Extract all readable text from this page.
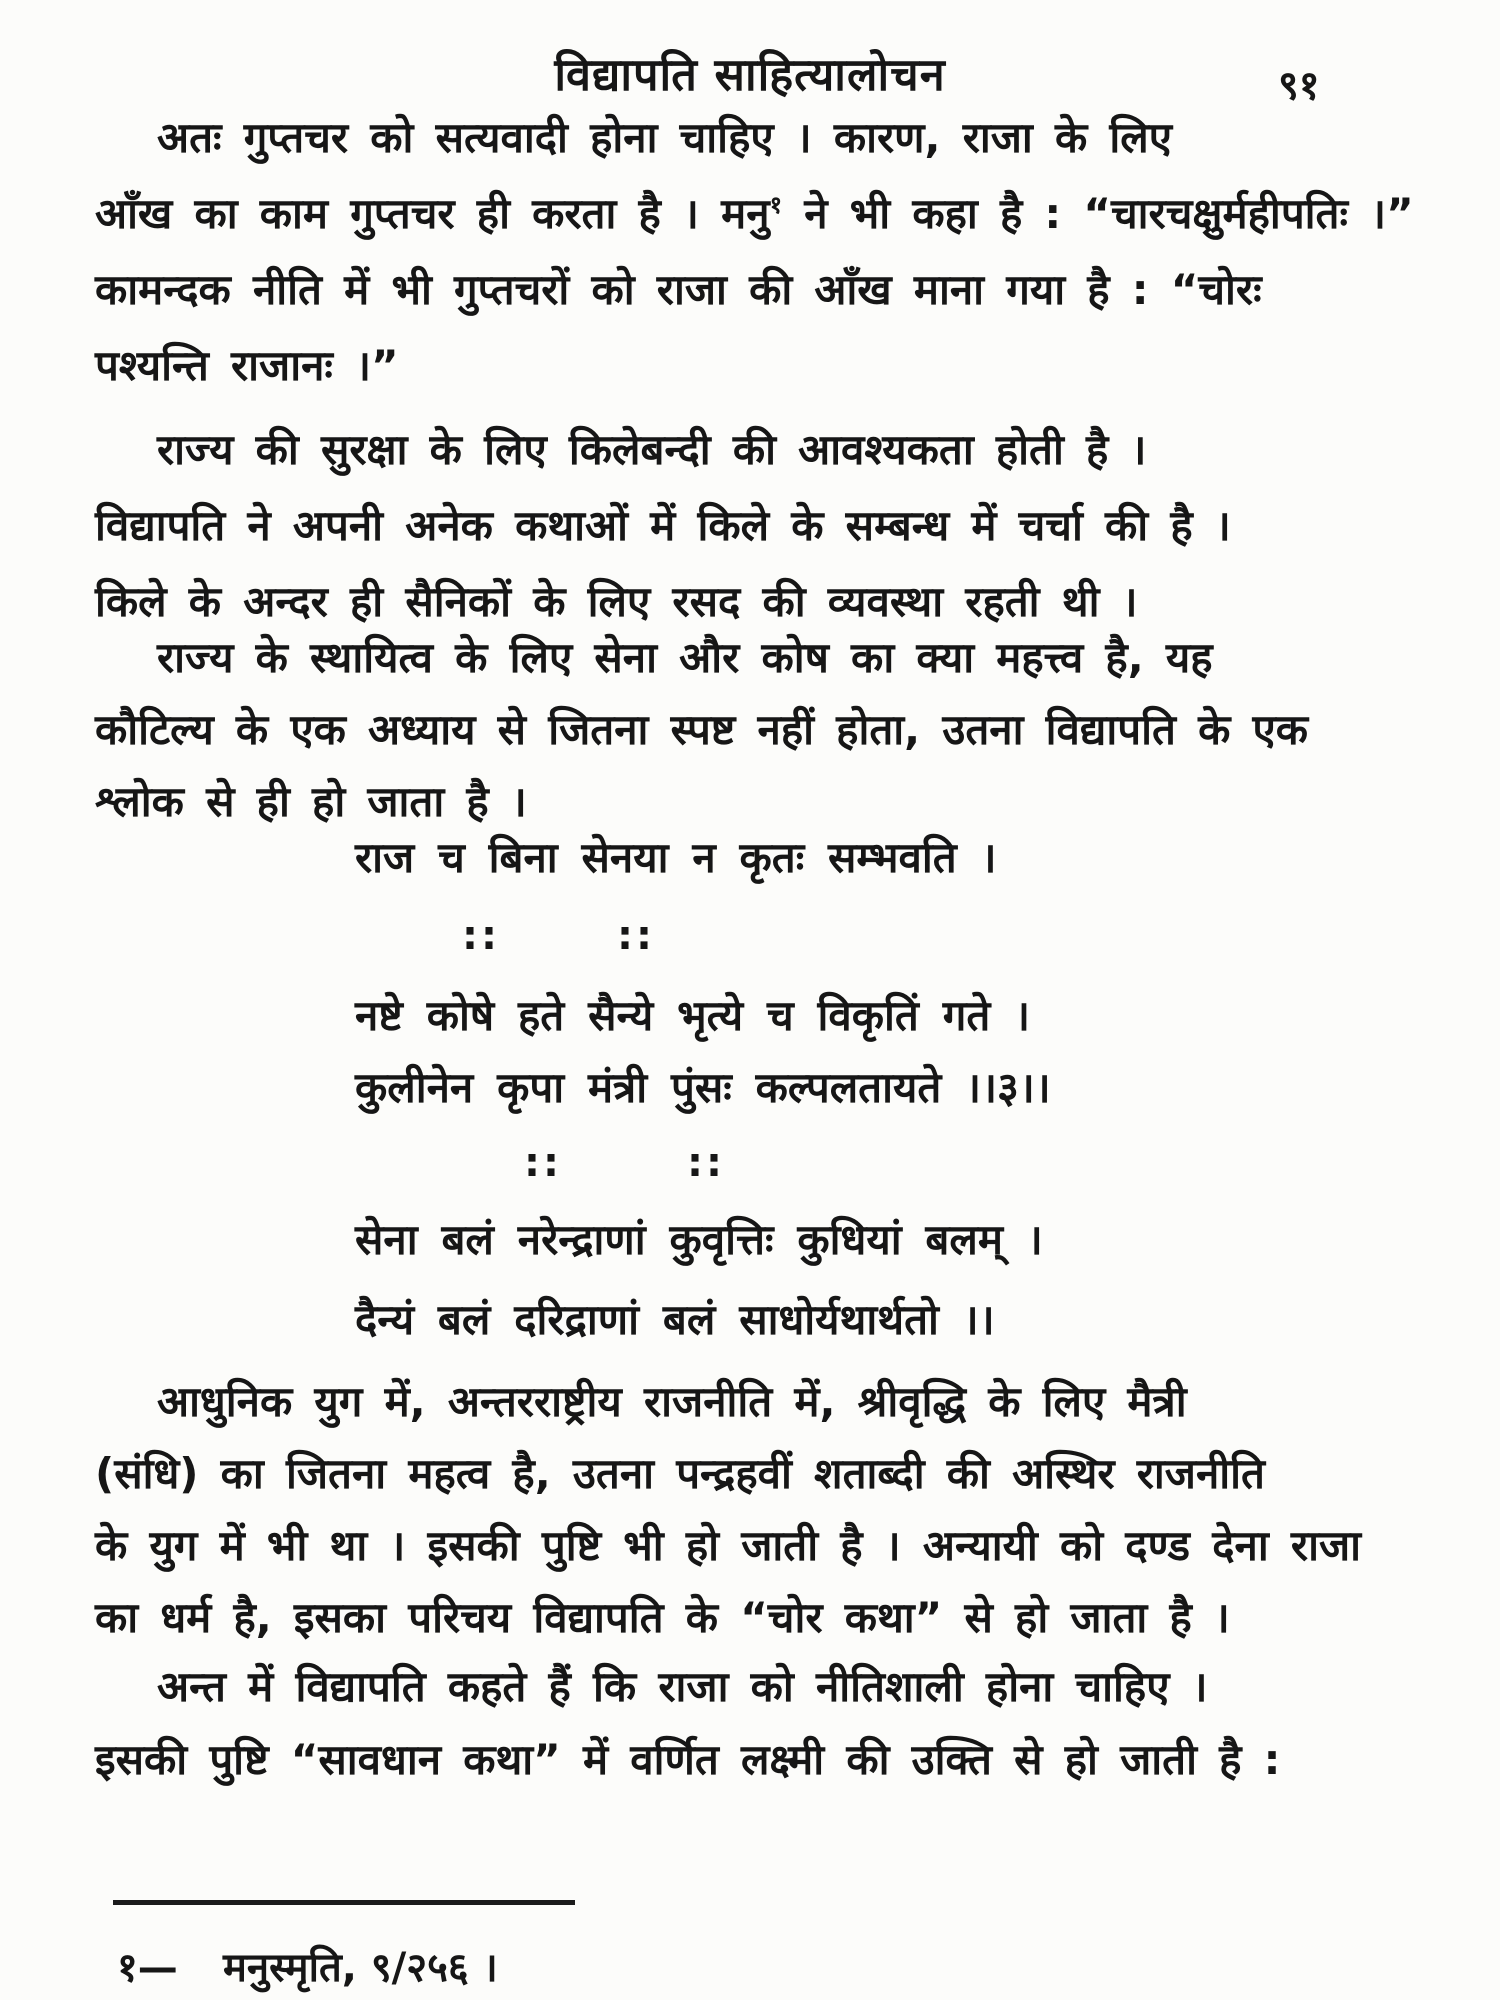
विद्यापति साहित्यालोचन	९१
अतः गुप्तचर को सत्यवादी होना चाहिए । कारण, राजा के लिए
आँख का काम गुप्तचर ही करता है । मनु$^१$ ने भी कहा है : “चारचक्षुर्महीपतिः ।”
कामन्दक नीति में भी गुप्तचरों को राजा की आँख माना गया है : “चोरः
पश्यन्ति राजानः ।”
राज्य की सुरक्षा के लिए किलेबन्दी की आवश्यकता होती है ।
विद्यापति ने अपनी अनेक कथाओं में किले के सम्बन्ध में चर्चा की है ।
किले के अन्दर ही सैनिकों के लिए रसद की व्यवस्था रहती थी ।
राज्य के स्थायित्व के लिए सेना और कोष का क्या महत्त्व है, यह
कौटिल्य के एक अध्याय से जितना स्पष्ट नहीं होता, उतना विद्यापति के एक
श्लोक से ही हो जाता है ।
राज च बिना सेनया न कृतः सम्भवति ।
::	::
नष्टे कोषे हते सैन्ये भृत्ये च विकृतिं गते ।
कुलीनेन कृपा मंत्री पुंसः कल्पलतायते ।।३।।
::	::
सेना बलं नरेन्द्राणां कुवृत्तिः कुधियां बलम् ।
दैन्यं बलं दरिद्राणां बलं साधोर्यथार्थतो ।।
आधुनिक युग में, अन्तरराष्ट्रीय राजनीति में, श्रीवृद्धि के लिए मैत्री
(संधि) का जितना महत्व है, उतना पन्द्रहवीं शताब्दी की अस्थिर राजनीति
के युग में भी था । इसकी पुष्टि भी हो जाती है । अन्यायी को दण्ड देना राजा
का धर्म है, इसका परिचय विद्यापति के “चोर कथा” से हो जाता है ।
अन्त में विद्यापति कहते हैं कि राजा को नीतिशाली होना चाहिए ।
इसकी पुष्टि “सावधान कथा” में वर्णित लक्ष्मी की उक्ति से हो जाती है :
१— मनुस्मृति, ९/२५६ ।
